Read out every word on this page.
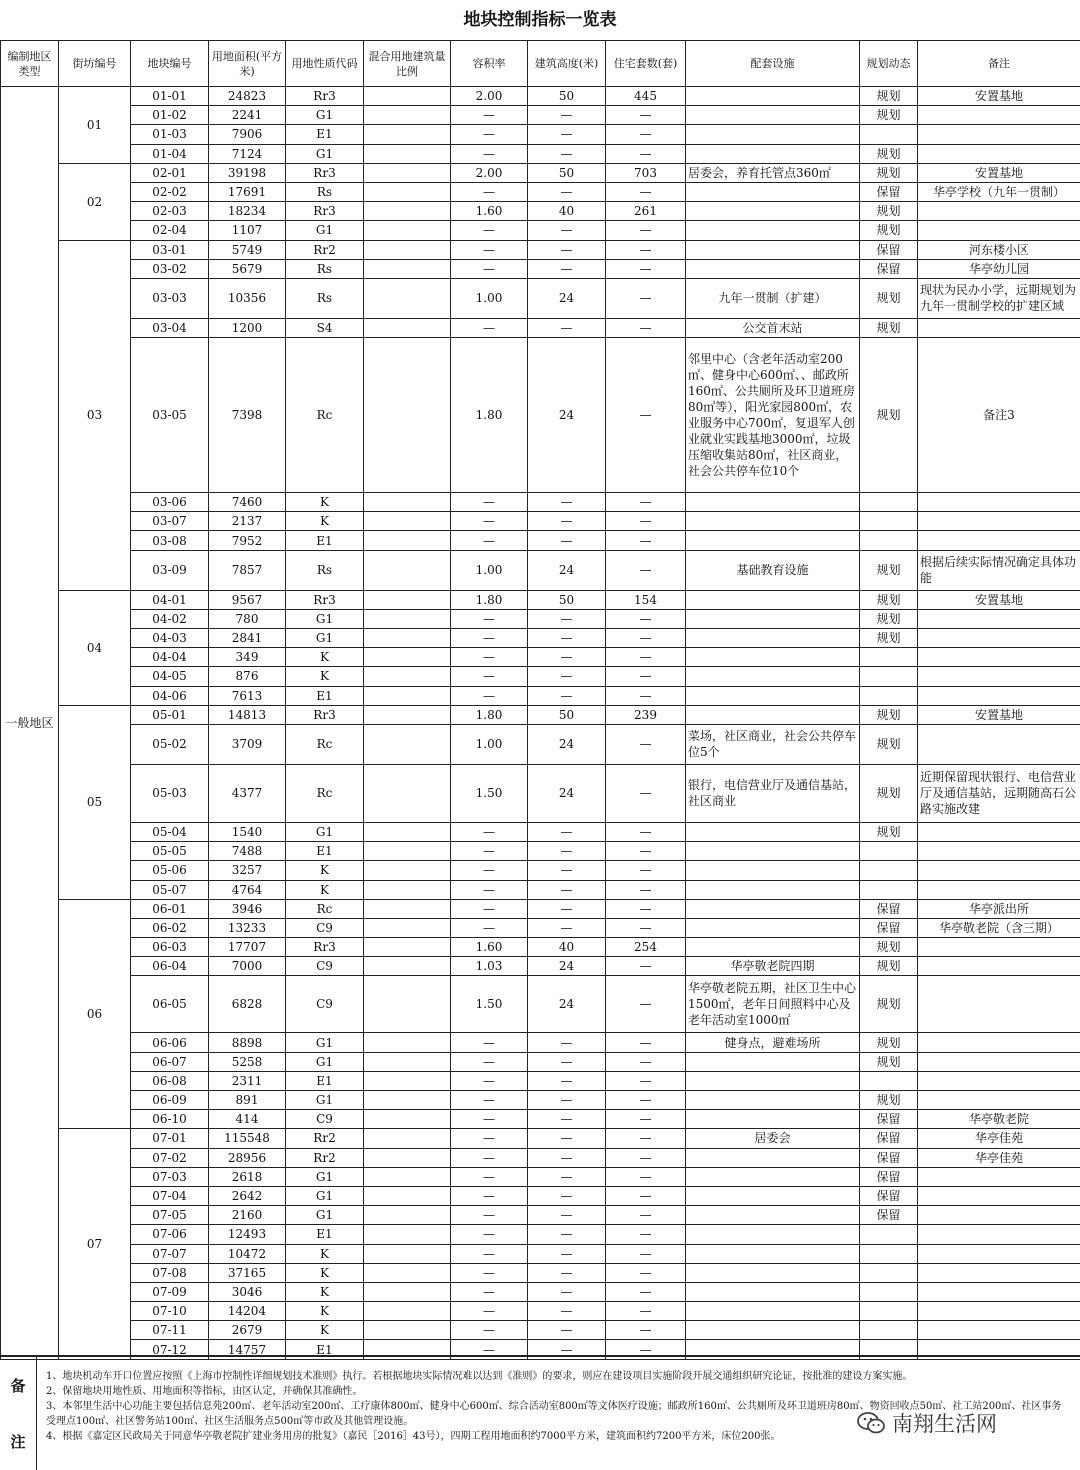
地块控制指标一览表
编制地区类型	街坊编号	地块编号	用地面积(平方米)	用地性质代码	混合用地建筑量比例	容积率	建筑高度(米)	住宅套数(套)	配套设施	规划动态	备注
一般地区	01	01-01	24823	Rr3		2.00	50	445		规划	安置基地
		01-02	2241	G1		—	—	—		规划	
		01-03	7906	E1		—	—	—			
		01-04	7124	G1		—	—	—		规划	
	02	02-01	39198	Rr3		2.00	50	703	居委会，养育托管点360㎡	规划	安置基地
		02-02	17691	Rs		—	—	—		保留	华亭学校（九年一贯制）
		02-03	18234	Rr3		1.60	40	261		规划	
		02-04	1107	G1		—	—	—		规划	
	03	03-01	5749	Rr2		—	—	—		保留	河东楼小区
		03-02	5679	Rs		—	—	—		保留	华亭幼儿园
		03-03	10356	Rs		1.00	24	—	九年一贯制（扩建）	规划	现状为民办小学，远期规划为九年一贯制学校的扩建区域
		03-04	1200	S4		—	—	—	公交首末站	规划	
		03-05	7398	Rc		1.80	24	—	邻里中心（含老年活动室200㎡、健身中心600㎡、、邮政所160㎡、公共厕所及环卫道班房80㎡等），阳光家园800㎡，农业服务中心700㎡，复退军人创业就业实践基地3000㎡，垃圾压缩收集站80㎡，社区商业，社会公共停车位10个	规划	备注3
		03-06	7460	K		—	—	—			
		03-07	2137	K		—	—	—			
		03-08	7952	E1		—	—	—			
		03-09	7857	Rs		1.00	24	—	基础教育设施	规划	根据后续实际情况确定具体功能
	04	04-01	9567	Rr3		1.80	50	154		规划	安置基地
		04-02	780	G1		—	—	—		规划	
		04-03	2841	G1		—	—	—		规划	
		04-04	349	K		—	—	—			
		04-05	876	K		—	—	—			
		04-06	7613	E1		—	—	—			
	05	05-01	14813	Rr3		1.80	50	239		规划	安置基地
		05-02	3709	Rc		1.00	24	—	菜场，社区商业，社会公共停车位5个	规划	
		05-03	4377	Rc		1.50	24	—	银行，电信营业厅及通信基站，社区商业	规划	近期保留现状银行、电信营业厅及通信基站，远期随高石公路实施改建
		05-04	1540	G1		—	—	—		规划	
		05-05	7488	E1		—	—	—			
		05-06	3257	K		—	—	—			
		05-07	4764	K		—	—	—			
	06	06-01	3946	Rc		—	—	—		保留	华亭派出所
		06-02	13233	C9		—	—	—		保留	华亭敬老院（含三期）
		06-03	17707	Rr3		1.60	40	254		规划	
		06-04	7000	C9		1.03	24	—	华亭敬老院四期	规划	
		06-05	6828	C9		1.50	24	—	华亭敬老院五期，社区卫生中心1500㎡，老年日间照料中心及老年活动室1000㎡	规划	
		06-06	8898	G1		—	—	—	健身点，避难场所	规划	
		06-07	5258	G1		—	—	—		规划	
		06-08	2311	E1		—	—	—			
		06-09	891	G1		—	—	—		规划	
		06-10	414	C9		—	—	—		保留	华亭敬老院
	07	07-01	115548	Rr2		—	—	—	居委会	保留	华亭佳苑
		07-02	28956	Rr2		—	—	—		保留	华亭佳苑
		07-03	2618	G1		—	—	—		保留	
		07-04	2642	G1		—	—	—		保留	
		07-05	2160	G1		—	—	—		保留	
		07-06	12493	E1		—	—	—			
		07-07	10472	K		—	—	—			
		07-08	37165	K		—	—	—			
		07-09	3046	K		—	—	—			
		07-10	14204	K		—	—	—			
		07-11	2679	K		—	—	—			
		07-12	14757	E1		—	—	—			
备
注
1、地块机动车开口位置应按照《上海市控制性详细规划技术准则》执行。若根据地块实际情况难以达到《准则》的要求，则应在建设项目实施阶段开展交通组织研究论证，按批准的建设方案实施。
2、保留地块用地性质、用地面积等指标，由区认定，并确保其准确性。
3、本邻里生活中心功能主要包括信息苑200㎡、老年活动室200㎡、工疗康体800㎡、健身中心600㎡、综合活动室800㎡等文体医疗设施；邮政所160㎡、公共厕所及环卫道班房80㎡、物资回收点50㎡、社工站200㎡、社区事务受理点100㎡、社区警务站100㎡、社区生活服务点500㎡等市政及其他管理设施。
4、根据《嘉定区民政局关于同意华亭敬老院扩建业务用房的批复》（嘉民［2016］43号），四期工程用地面积约7000平方米，建筑面积约7200平方米，床位200张。
南翔生活网
